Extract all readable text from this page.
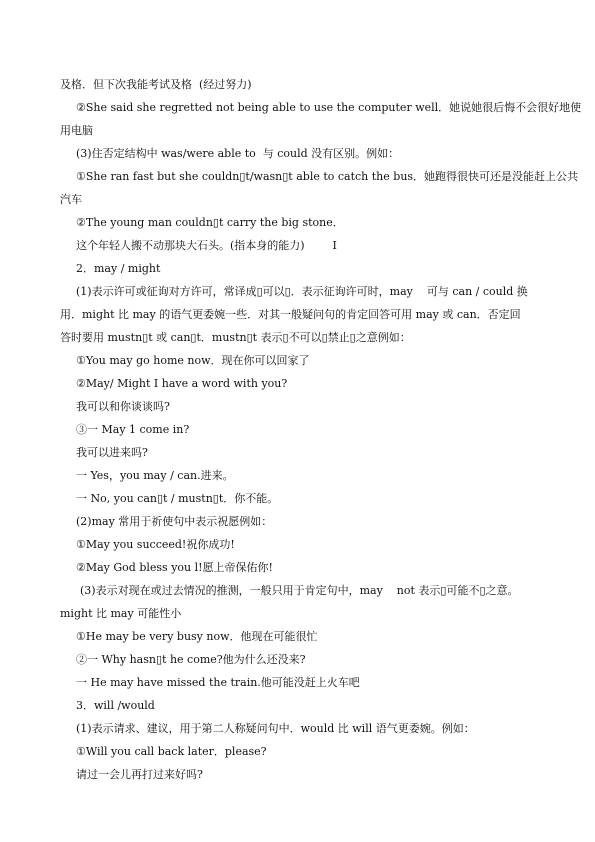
及格．但下次我能考试及格  (经过努力)
②She said she regretted not being able to use the computer well．她说她很后悔不会很好地使
用电脑
(3)住否定结构中 was/were able to  与 could 没有区别。例如：
①She ran fast but she couldn▯t/wasn▯t able to catch the bus．她跑得很快可还是没能赶上公共
汽车
②The young man couldn▯t carry the big stone．
这个年轻人搬不动那块大石头。(指本身的能力)        I
2．may / might
(1)表示许可或征询对方许可，常译成▯可以▯．表示征询许可时，may    可与 can / could 换
用．might 比 may 的语气更委婉一些．对其一般疑问句的肯定回答可用 may 或 can．否定回
答时要用 mustn▯t 或 can▯t．mustn▯t 表示▯不可以▯禁止▯之意例如：
①You may go home now．现在你可以回家了
②May/ Might I have a word with you?
我可以和你谈谈吗?
③一 May 1 come in?
我可以进来吗?
一 Yes，you may / can.进来。
一 No, you can▯t / mustn▯t．你不能。
(2)may 常用于祈使句中表示祝愿例如：
①May you succeed!祝你成功!
②May God bless you l!愿上帝保佑你!
(3)表示对现在或过去情况的推测，一般只用于肯定句中，may    not 表示▯可能不▯之意。
might 比 may 可能性小
①He may be very busy now．他现在可能很忙
②一 Why hasn▯t he come?他为什么还没来?
一 He may have missed the train.他可能没赶上火车吧
3．will /would
(1)表示请求、建议，用于第二人称疑问句中．would 比 will 语气更委婉。例如：
①Will you call back later．please?
请过一会儿再打过来好吗?
